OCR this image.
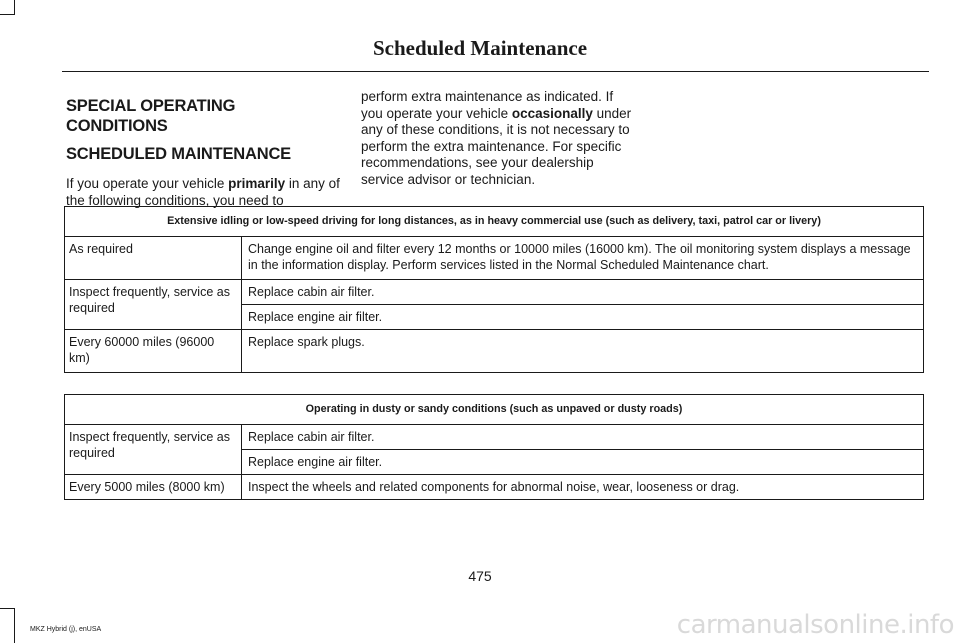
Scheduled Maintenance
SPECIAL OPERATING CONDITIONS
SCHEDULED MAINTENANCE

If you operate your vehicle primarily in any of the following conditions, you need to

perform extra maintenance as indicated. If you operate your vehicle occasionally under any of these conditions, it is not necessary to perform the extra maintenance. For specific recommendations, see your dealership service advisor or technician.

Extensive idling or low-speed driving for long distances, as in heavy commercial use (such as delivery, taxi, patrol car or livery)	
As required	Change engine oil and filter every 12 months or 10000 miles (16000 km). The oil monitoring system displays a message in the information display. Perform services listed in the Normal Scheduled Maintenance chart.
Inspect frequently, service as required	Replace cabin air filter.
	Replace engine air filter.
Every 60000 miles (96000 km)	Replace spark plugs.
Operating in dusty or sandy conditions (such as unpaved or dusty roads)	
Inspect frequently, service as required	Replace cabin air filter.
	Replace engine air filter.
Every 5000 miles (8000 km)	Inspect the wheels and related components for abnormal noise, wear, looseness or drag.
475
MKZ Hybrid (j), enUSA	carmanualsonline.info
